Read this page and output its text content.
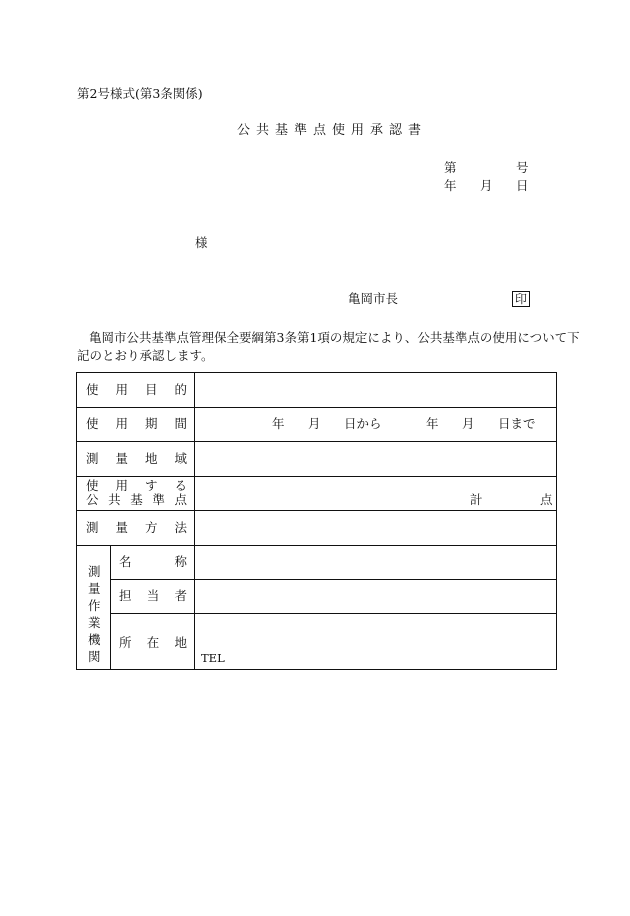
第2号様式(第3条関係)
公共基準点使用承認書
第	号
年 月 日
様
亀岡市長	印
亀岡市公共基準点管理保全要綱第3条第1項の規定により、公共基準点の使用について下
記のとおり承認します。
使 用 目 的
使 用 期 間	年 月 日から	年 月 日まで
測 量 地 域
使 用 す る
公 共 基 準 点	計	点
測 量 方 法
測
量
作
業
機
関
名	称
担 当 者
所 在 地
TEL
